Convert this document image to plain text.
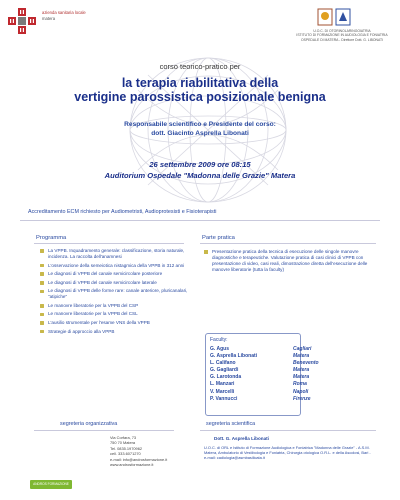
azienda sanitaria locale
matera
U.O.C. DI OTORINOLARINGOIATRIA
ISTITUTO DI FORMAZIONE IN AUDIOLOGIA E FONIATRIA
OSPEDALE DI MATERA - Direttore Dott. G. LIBONATI
corso teorico-pratico per
la terapia riabilitativa della
vertigine parossistica posizionale benigna
Responsabile scientifico e Presidente del corso:
dott. Giacinto Asprella Libonati
26 settembre 2009 ore 08:15
Auditorium Ospedale "Madonna delle Grazie" Matera
Accreditamento ECM richiesto per Audiometristi, Audioprotesisti e Fisioterapisti
Programma
La VPPB. Inquadramento generale: classificazione, storia naturale, incidenza. La raccolta dell'anamnesi
L'osservazione della semeiotica nistagmica della VPPB in 312 anni
Le diagnosi di VPPB del canale semicircolare posteriore
Le diagnosi di VPPB del canale semicircolare laterale
Le diagnosi di VPPB delle forme rare: canale anteriore, pluricanalari, "atipiche"
Le manovre liberatorie per la VPPB del CSP
Le manovre liberatorie per la VPPB del CSL
L'ausilio strumentale per l'esame VNS della VPPB
Strategie di approccio alla VPPB
Parte pratica
Presentazione pratica della tecnica di esecuzione delle singole manovre diagnostiche e terapeutiche. Valutazione pratica di casi clinici di VPPB con presentazione di video, casi reali, dimostrazione diretta dell'esecuzione delle manovre liberatorie (tutta la faculty)
Faculty:
G. Agus	Cagliari
G. Asprella Libonati	Matera
L. Califano	Benevento
G. Gagliardi	Matera
G. Larotonda	Matera
L. Manzari	Roma
V. Marcelli	Napoli
P. Vannucci	Firenze
segreteria organizzativa
ANDROS FORMAZIONE
Via Corfara, 73
750 70 Matera
Tel. 0835.1970962
cell. 333.6071270
e-mail: info@androsformazione.it
www.androsformazione.it
segreteria scientifica
Dott. G. Asprella Libonati
U.O.C. di ORL e Istituto di Formazione Audiologica e Foniatrica "Madonna delle Grazie" - A.S.M. Matera, Ambulatorio di Vestibologia e Foniatria, Chirurgia otologica O.R.L. e della Ascolosi, Bari - e-mail: cadiologia@asmbasilicata.it
